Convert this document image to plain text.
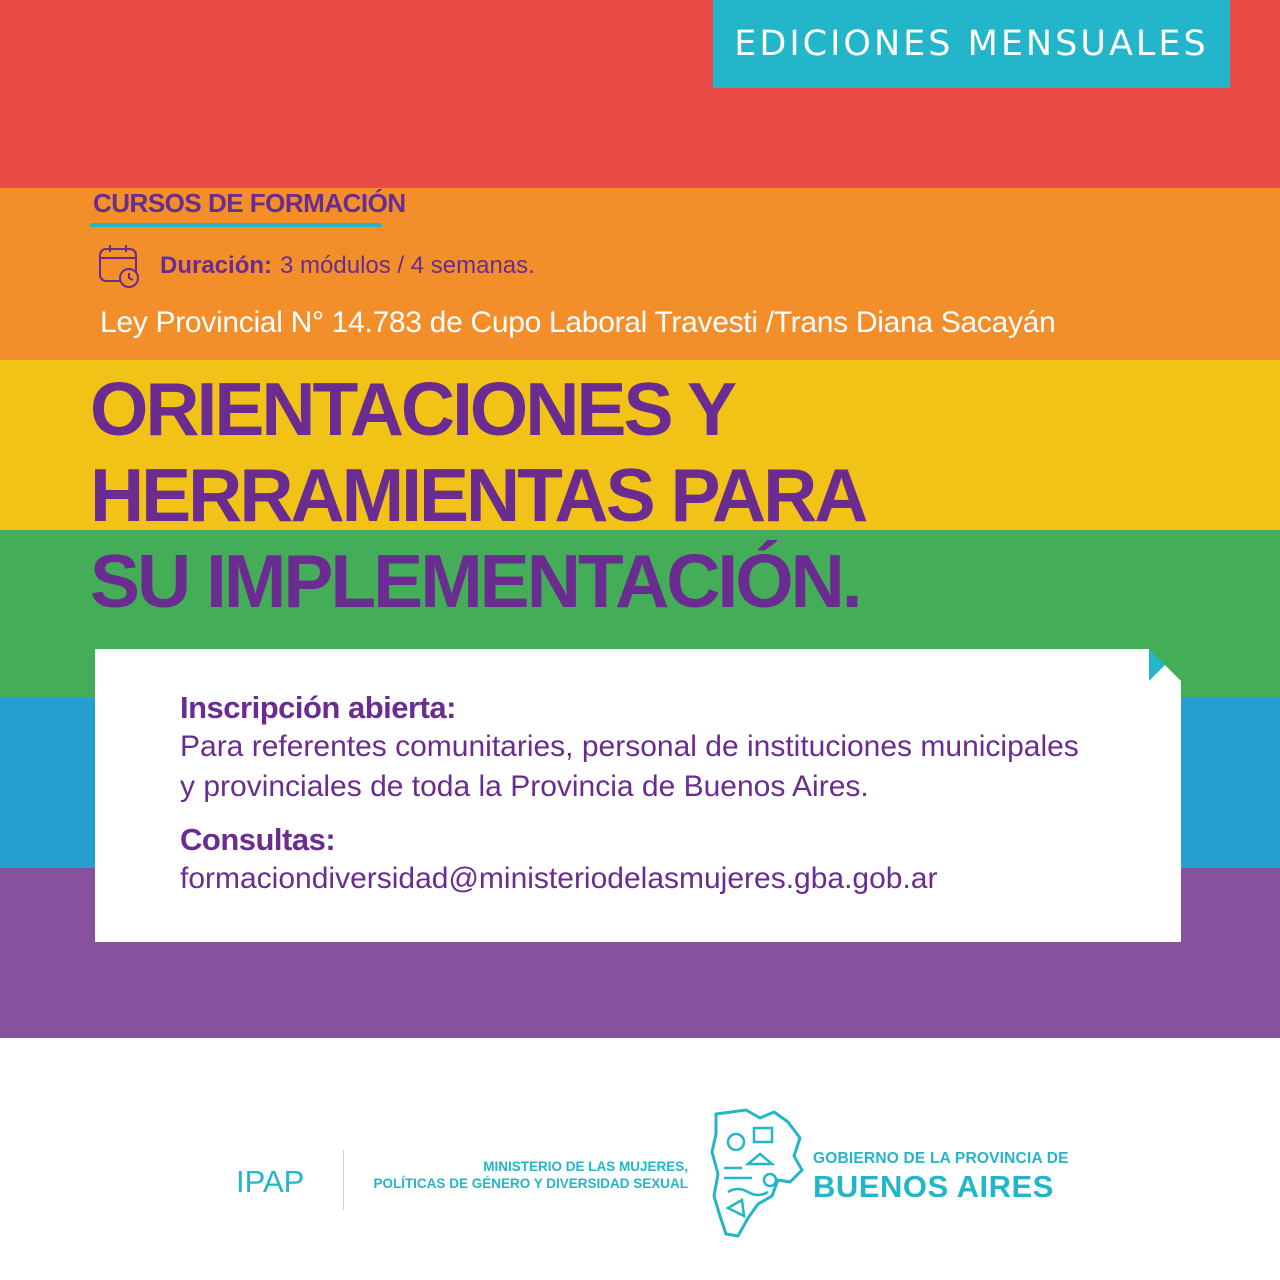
EDICIONES MENSUALES
CURSOS DE FORMACIÓN
Duración: 3 módulos / 4 semanas.
Ley Provincial N° 14.783 de Cupo Laboral Travesti /Trans Diana Sacayán
ORIENTACIONES Y
HERRAMIENTAS PARA
SU IMPLEMENTACIÓN.
Inscripción abierta:

Para referentes comunitaries, personal de instituciones municipales

y provinciales de toda la Provincia de Buenos Aires.

Consultas:

formaciondiversidad@ministeriodelasmujeres.gba.gob.ar

IPAP	MINISTERIO DE LAS MUJERES,
POLÍTICAS DE GÉNERO Y DIVERSIDAD SEXUAL
GOBIERNO DE LA PROVINCIA DE
BUENOS AIRES
